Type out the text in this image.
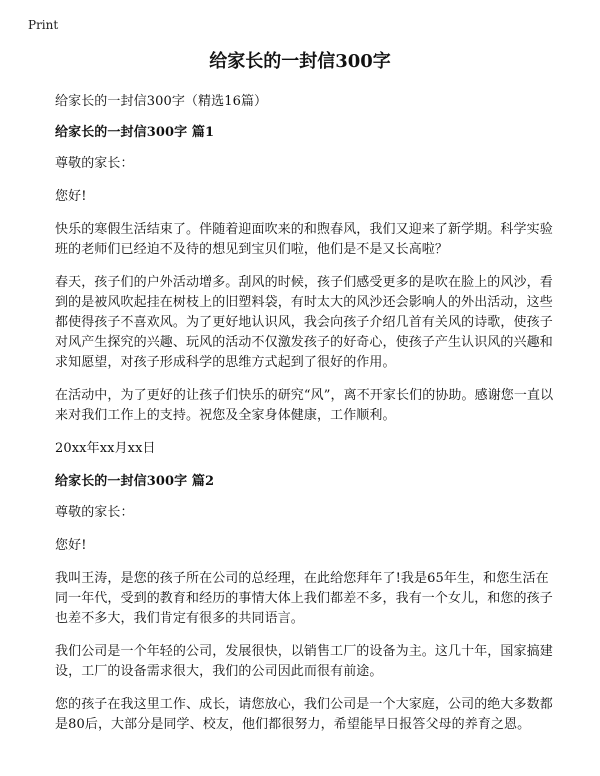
Print
给家长的一封信300字

给家长的一封信300字（精选16篇）

给家长的一封信300字 篇1

尊敬的家长：

您好!

快乐的寒假生活结束了。伴随着迎面吹来的和煦春风，我们又迎来了新学期。科学实验班的老师们已经迫不及待的想见到宝贝们啦，他们是不是又长高啦？

春天，孩子们的户外活动增多。刮风的时候，孩子们感受更多的是吹在脸上的风沙，看到的是被风吹起挂在树枝上的旧塑料袋，有时太大的风沙还会影响人的外出活动，这些都使得孩子不喜欢风。为了更好地认识风，我会向孩子介绍几首有关风的诗歌，使孩子对风产生探究的兴趣、玩风的活动不仅激发孩子的好奇心，使孩子产生认识风的兴趣和求知愿望，对孩子形成科学的思维方式起到了很好的作用。

在活动中，为了更好的让孩子们快乐的研究“风”，离不开家长们的协助。感谢您一直以来对我们工作上的支持。祝您及全家身体健康，工作顺利。

20xx年xx月xx日

给家长的一封信300字 篇2

尊敬的家长：

您好!

我叫王涛，是您的孩子所在公司的总经理，在此给您拜年了!我是65年生，和您生活在同一年代，受到的教育和经历的事情大体上我们都差不多，我有一个女儿，和您的孩子也差不多大，我们肯定有很多的共同语言。

我们公司是一个年轻的公司，发展很快，以销售工厂的设备为主。这几十年，国家搞建设，工厂的设备需求很大，我们的公司因此而很有前途。

您的孩子在我这里工作、成长，请您放心，我们公司是一个大家庭，公司的绝大多数都是80后，大部分是同学、校友，他们都很努力，希望能早日报答父母的养育之恩。
